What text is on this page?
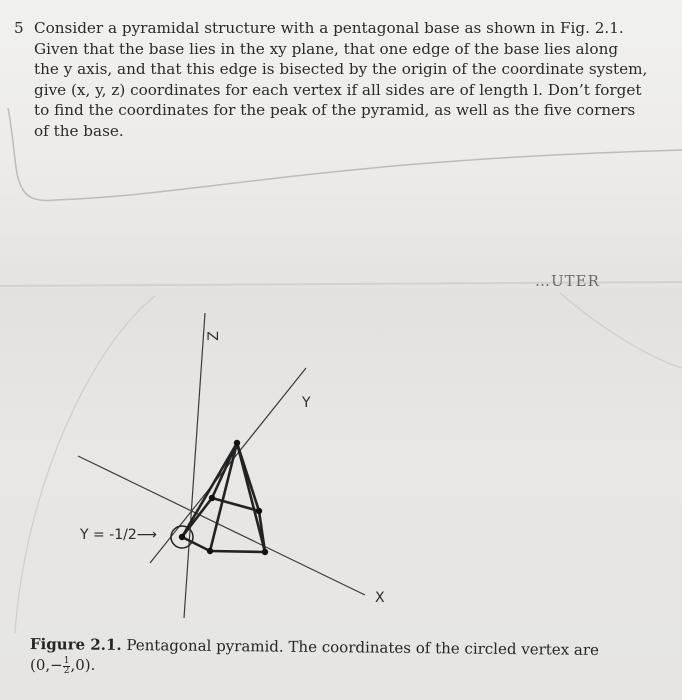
5 Consider a pyramidal structure with a pentagonal base as shown in Fig. 2.1.
Given that the base lies in the xy plane, that one edge of the base lies along
the y axis, and that this edge is bisected by the origin of the coordinate system,
give (x, y, z) coordinates for each vertex if all sides are of length l. Don’t forget
to find the coordinates for the peak of the pyramid, as well as the five corners
of the base.
…UTER
Z
Y
X
Y = -1/2⟶
Figure 2.1. Pentagonal pyramid. The coordinates of the circled vertex are
$(0,- \frac{1}{2} ,0)$.
